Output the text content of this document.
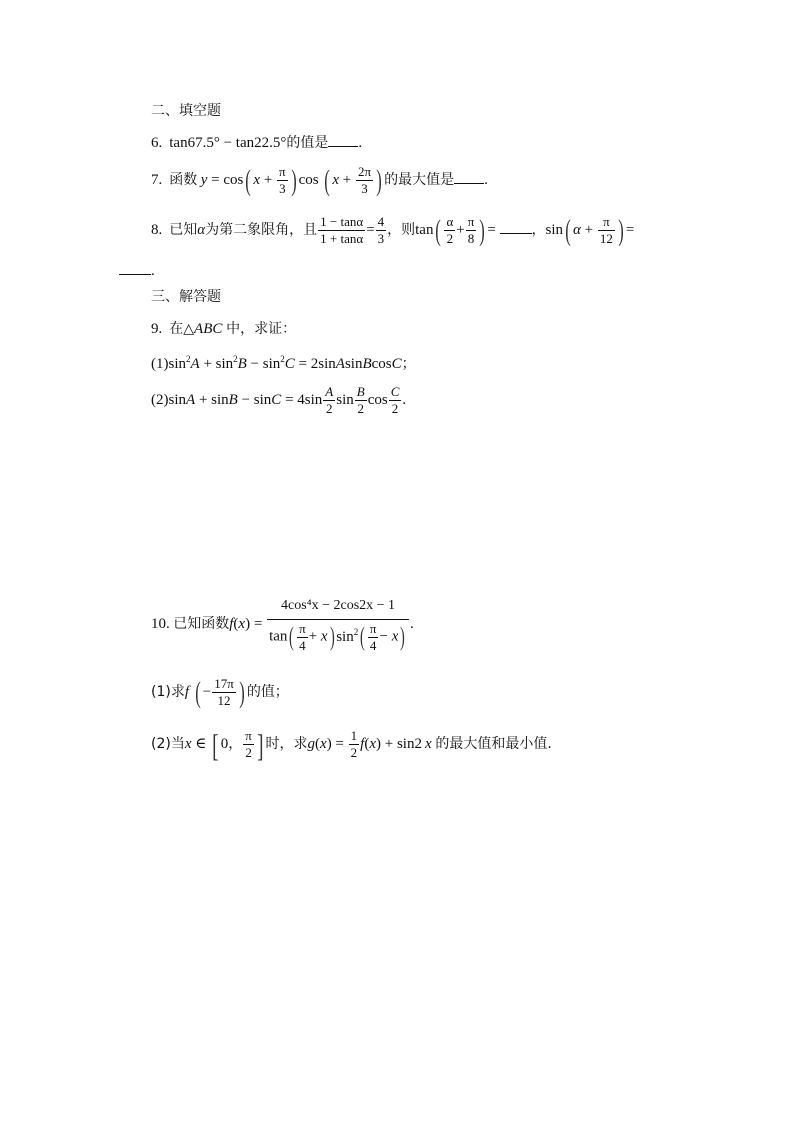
二、填空题
6. tan67.5° − tan22.5°的值是 .
7. 函数 y = cos( $x + \frac{\pi}{3}$ ) cos ( $x + \frac{2\pi}{3}$ ) 的最大值是 .
8. 已知α为第二象限角，且 $\frac{1 - \tan\alpha}{1 + \tan\alpha} = \frac{4}{3}$ ，则$\tan( \frac{\alpha}{2} + \frac{\pi}{8}$ ) = ，sin( $\alpha + \frac{\pi}{12}$ ) =
.
三、解答题
9. 在△ABC 中，求证：
$(1)\sin^2A + \sin^2B - \sin^2C$ = 2sinAsinBcosC；
$(2)\sin A + \sin B - \sin C = 4\sin \frac{A}{2}$ $\sin \frac{B}{2}$ $\cos \frac{C}{2}$ .
10. 已知函数$f(x) = \frac{\text{4cos⁴x − 2cos2x − 1}}{\tan( \frac{\pi}{4} + x) \sin^2( \frac{\pi}{4} - x)}$ .
(1)求f ( − $\frac{17\pi}{12}$ ) 的值；
(2)当x ∈ [ 0， $\frac{\pi}{2}$ ] 时，求$g(x) = \frac{1}{2} f(x) + \sin 2$ x 的最大值和最小值.
